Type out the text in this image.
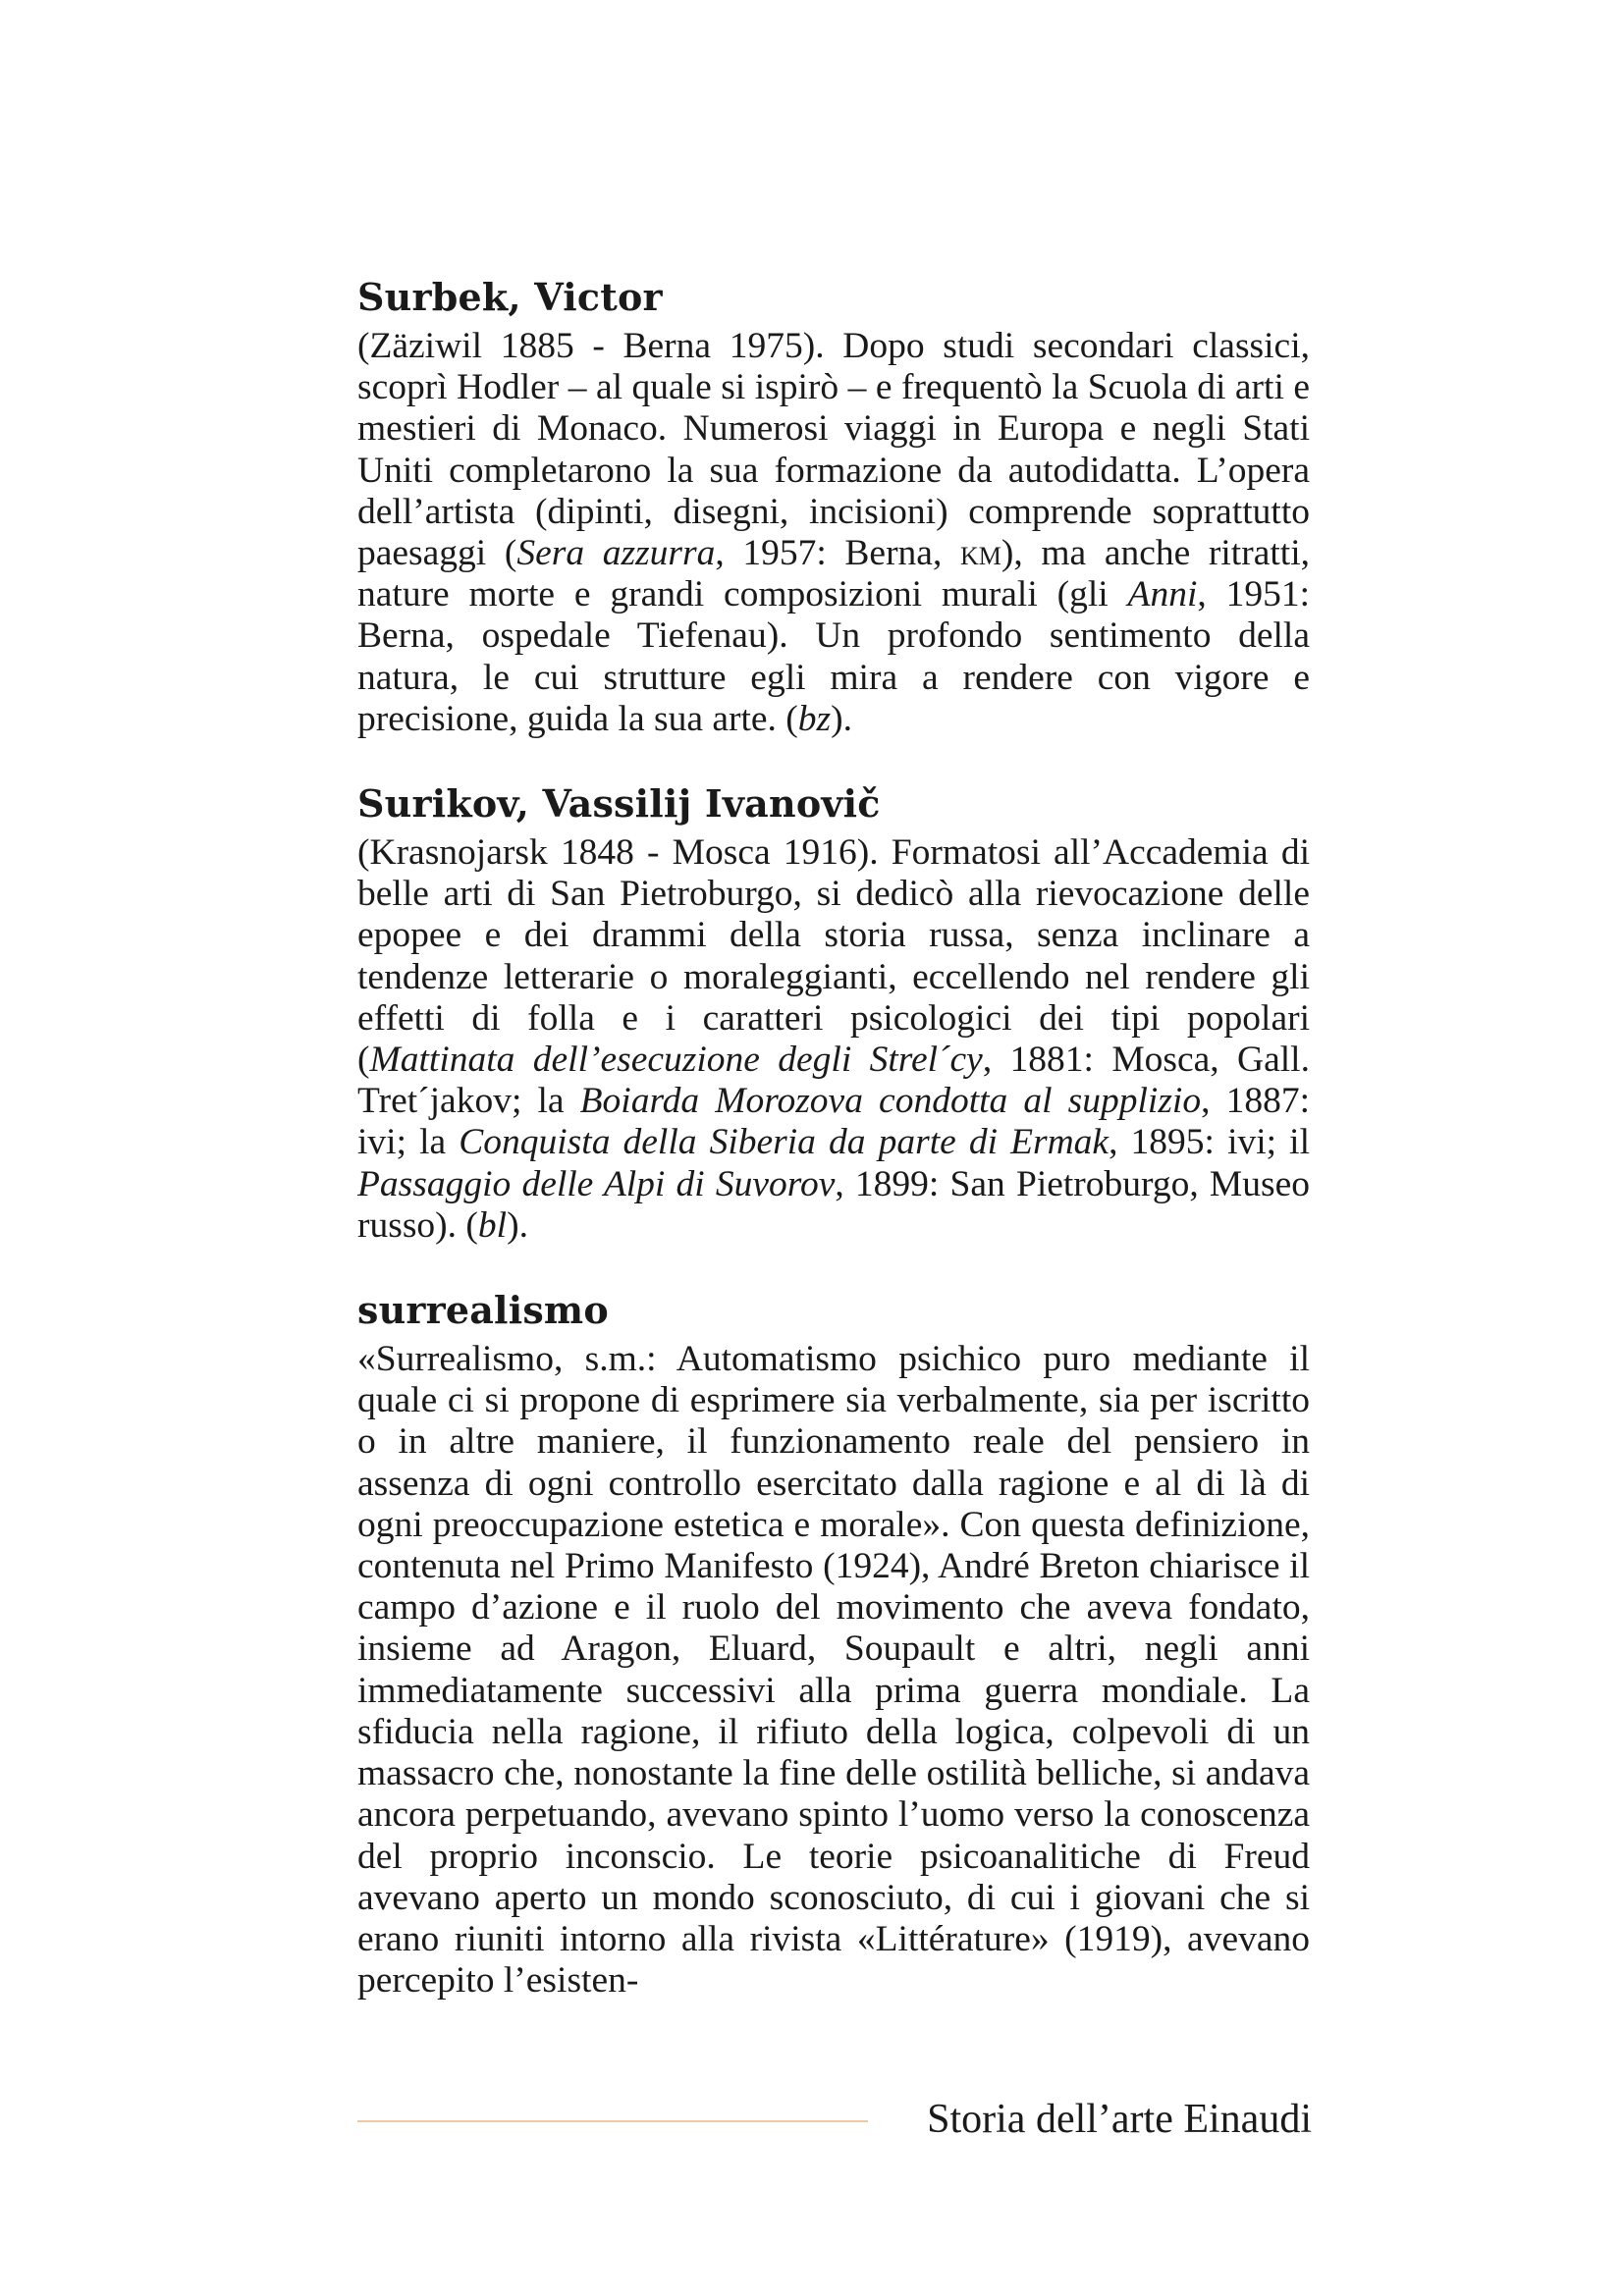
Surbek, Victor

(Zäziwil 1885 - Berna 1975). Dopo studi secondari classici, scoprì Hodler – al quale si ispirò – e frequentò la Scuola di arti e mestieri di Monaco. Numerosi viaggi in Europa e negli Stati Uniti completarono la sua formazione da autodidatta. L’opera dell’artista (dipinti, disegni, incisioni) comprende soprattutto paesaggi (Sera azzurra, 1957: Berna, km), ma anche ritratti, nature morte e grandi composizioni murali (gli Anni, 1951: Berna, ospedale Tiefenau). Un profondo sentimento della natura, le cui strutture egli mira a rendere con vigore e precisione, guida la sua arte. (bz).

Surikov, Vassilij Ivanovič

(Krasnojarsk 1848 - Mosca 1916). Formatosi all’Accademia di belle arti di San Pietroburgo, si dedicò alla rievocazione delle epopee e dei drammi della storia russa, senza inclinare a tendenze letterarie o moraleggianti, eccellendo nel rendere gli effetti di folla e i caratteri psicologici dei tipi popolari (Mattinata dell’esecuzione degli Strel´cy, 1881: Mosca, Gall. Tret´jakov; la Boiarda Morozova condotta al supplizio, 1887: ivi; la Conquista della Siberia da parte di Ermak, 1895: ivi; il Passaggio delle Alpi di Suvorov, 1899: San Pietroburgo, Museo russo). (bl).

surrealismo

«Surrealismo, s.m.: Automatismo psichico puro mediante il quale ci si propone di esprimere sia verbalmente, sia per iscritto o in altre maniere, il funzionamento reale del pensiero in assenza di ogni controllo esercitato dalla ragione e al di là di ogni preoccupazione estetica e morale». Con questa definizione, contenuta nel Primo Manifesto (1924), André Breton chiarisce il campo d’azione e il ruolo del movimento che aveva fondato, insieme ad Aragon, Eluard, Soupault e altri, negli anni immediatamente successivi alla prima guerra mondiale. La sfiducia nella ragione, il rifiuto della logica, colpevoli di un massacro che, nonostante la fine delle ostilità belliche, si andava ancora perpetuando, avevano spinto l’uomo verso la conoscenza del proprio inconscio. Le teorie psicoanalitiche di Freud avevano aperto un mondo sconosciuto, di cui i giovani che si erano riuniti intorno alla rivista «Littérature» (1919), avevano percepito l’esisten-

Storia dell’arte Einaudi
